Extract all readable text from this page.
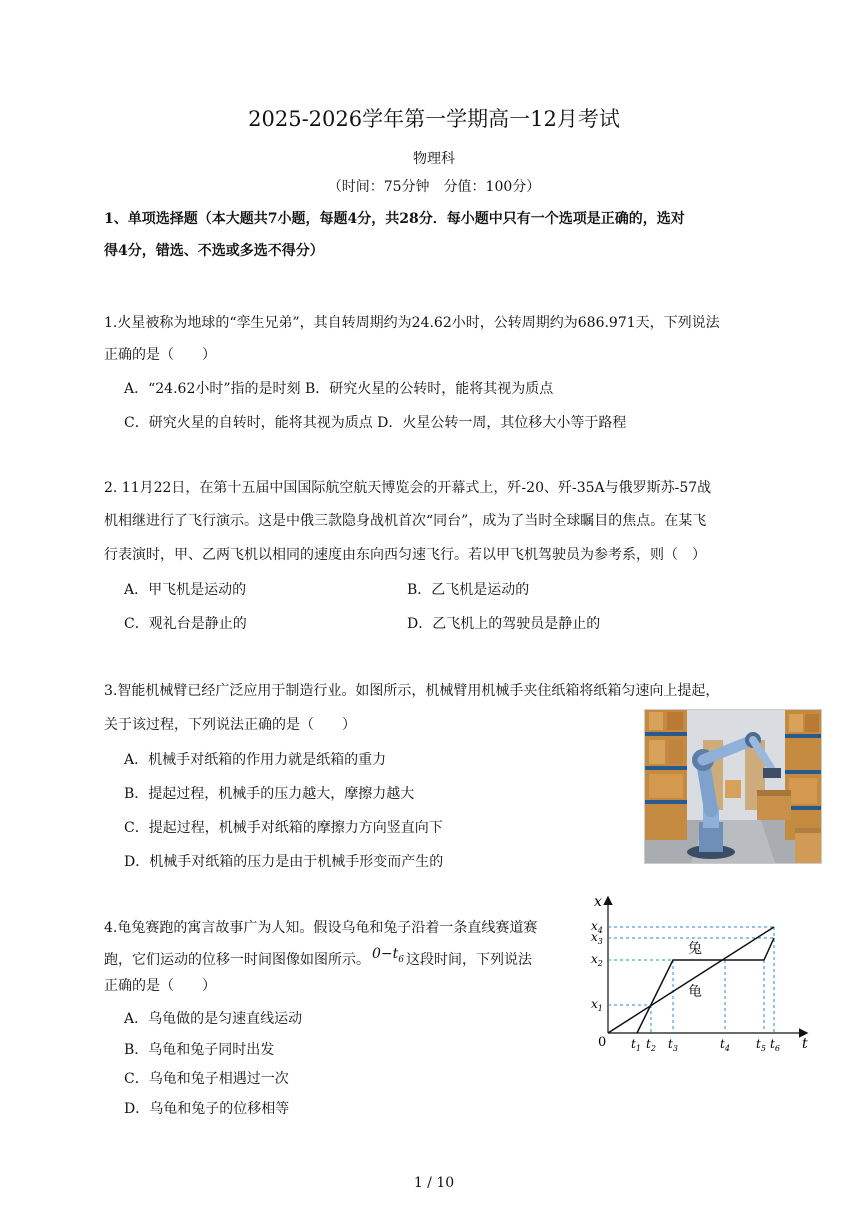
2025-2026学年第一学期高一12月考试
物理科
（时间：75分钟　分值：100分）
1、单项选择题（本大题共7小题，每题4分，共28分．每小题中只有一个选项是正确的，选对
得4分，错选、不选或多选不得分）
1.火星被称为地球的“孪生兄弟”，其自转周期约为24.62小时，公转周期约为686.971天，下列说法
正确的是（　　）
A．“24.62小时”指的是时刻 B．研究火星的公转时，能将其视为质点
C．研究火星的自转时，能将其视为质点 D．火星公转一周，其位移大小等于路程
2. 11月22日，在第十五届中国国际航空航天博览会的开幕式上，歼-20、歼-35A与俄罗斯苏-57战
机相继进行了飞行演示。这是中俄三款隐身战机首次“同台”，成为了当时全球瞩目的焦点。在某飞
行表演时，甲、乙两飞机以相同的速度由东向西匀速飞行。若以甲飞机驾驶员为参考系，则（　）
A．甲飞机是运动的	B．乙飞机是运动的
C．观礼台是静止的	D．乙飞机上的驾驶员是静止的
3.智能机械臂已经广泛应用于制造行业。如图所示，机械臂用机械手夹住纸箱将纸箱匀速向上提起，
关于该过程，下列说法正确的是（　　）
A．机械手对纸箱的作用力就是纸箱的重力
B．提起过程，机械手的压力越大，摩擦力越大
C．提起过程，机械手对纸箱的摩擦力方向竖直向下
D．机械手对纸箱的压力是由于机械手形变而产生的
4.龟兔赛跑的寓言故事广为人知。假设乌龟和兔子沿着一条直线赛道赛
跑，它们运动的位移一时间图像如图所示。 $0-t_6$ 这段时间，下列说法
正确的是（　　）
A．乌龟做的是匀速直线运动
B．乌龟和兔子同时出发
C．乌龟和兔子相遇过一次
D．乌龟和兔子的位移相等
t
x
0
兔
龟
$x_4$
$x_3$
$x_2$
$x_1$
$t_1$ $t_2$ $t_3$	$t_4$ $t_5$ $t_6$
1 / 10
